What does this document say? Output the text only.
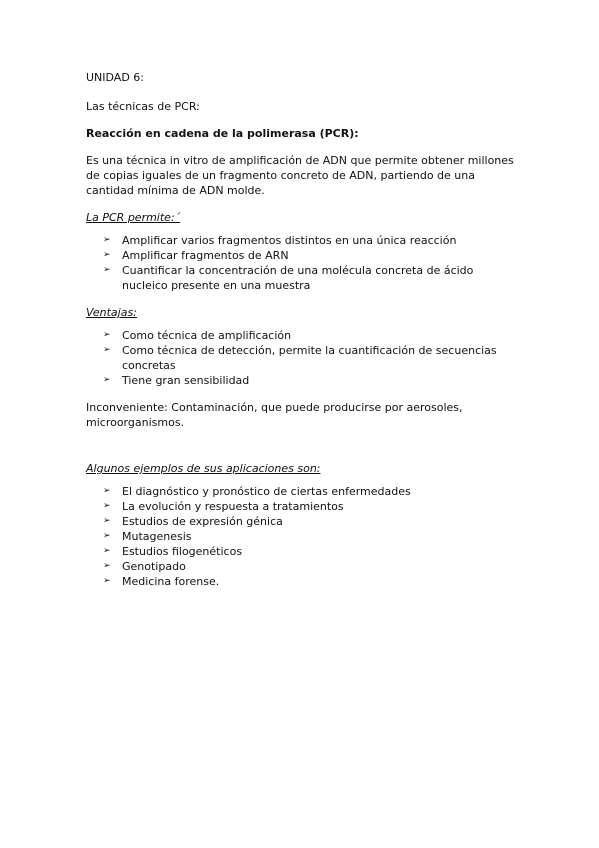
UNIDAD 6:

Las técnicas de PCR:

Reacción en cadena de la polimerasa (PCR):

Es una técnica in vitro de amplificación de ADN que permite obtener millones de copias iguales de un fragmento concreto de ADN, partiendo de una cantidad mínima de ADN molde.

La PCR permite:´

➢ Amplificar varios fragmentos distintos en una única reacción
➢ Amplificar fragmentos de ARN
➢ Cuantificar la concentración de una molécula concreta de ácido nucleico presente en una muestra

Ventajas:

➢ Como técnica de amplificación
➢ Como técnica de detección, permite la cuantificación de secuencias concretas
➢ Tiene gran sensibilidad

Inconveniente: Contaminación, que puede producirse por aerosoles, microorganismos.

Algunos ejemplos de sus aplicaciones son:

➢ El diagnóstico y pronóstico de ciertas enfermedades
➢ La evolución y respuesta a tratamientos
➢ Estudios de expresión génica
➢ Mutagenesis
➢ Estudios filogenéticos
➢ Genotipado
➢ Medicina forense.
